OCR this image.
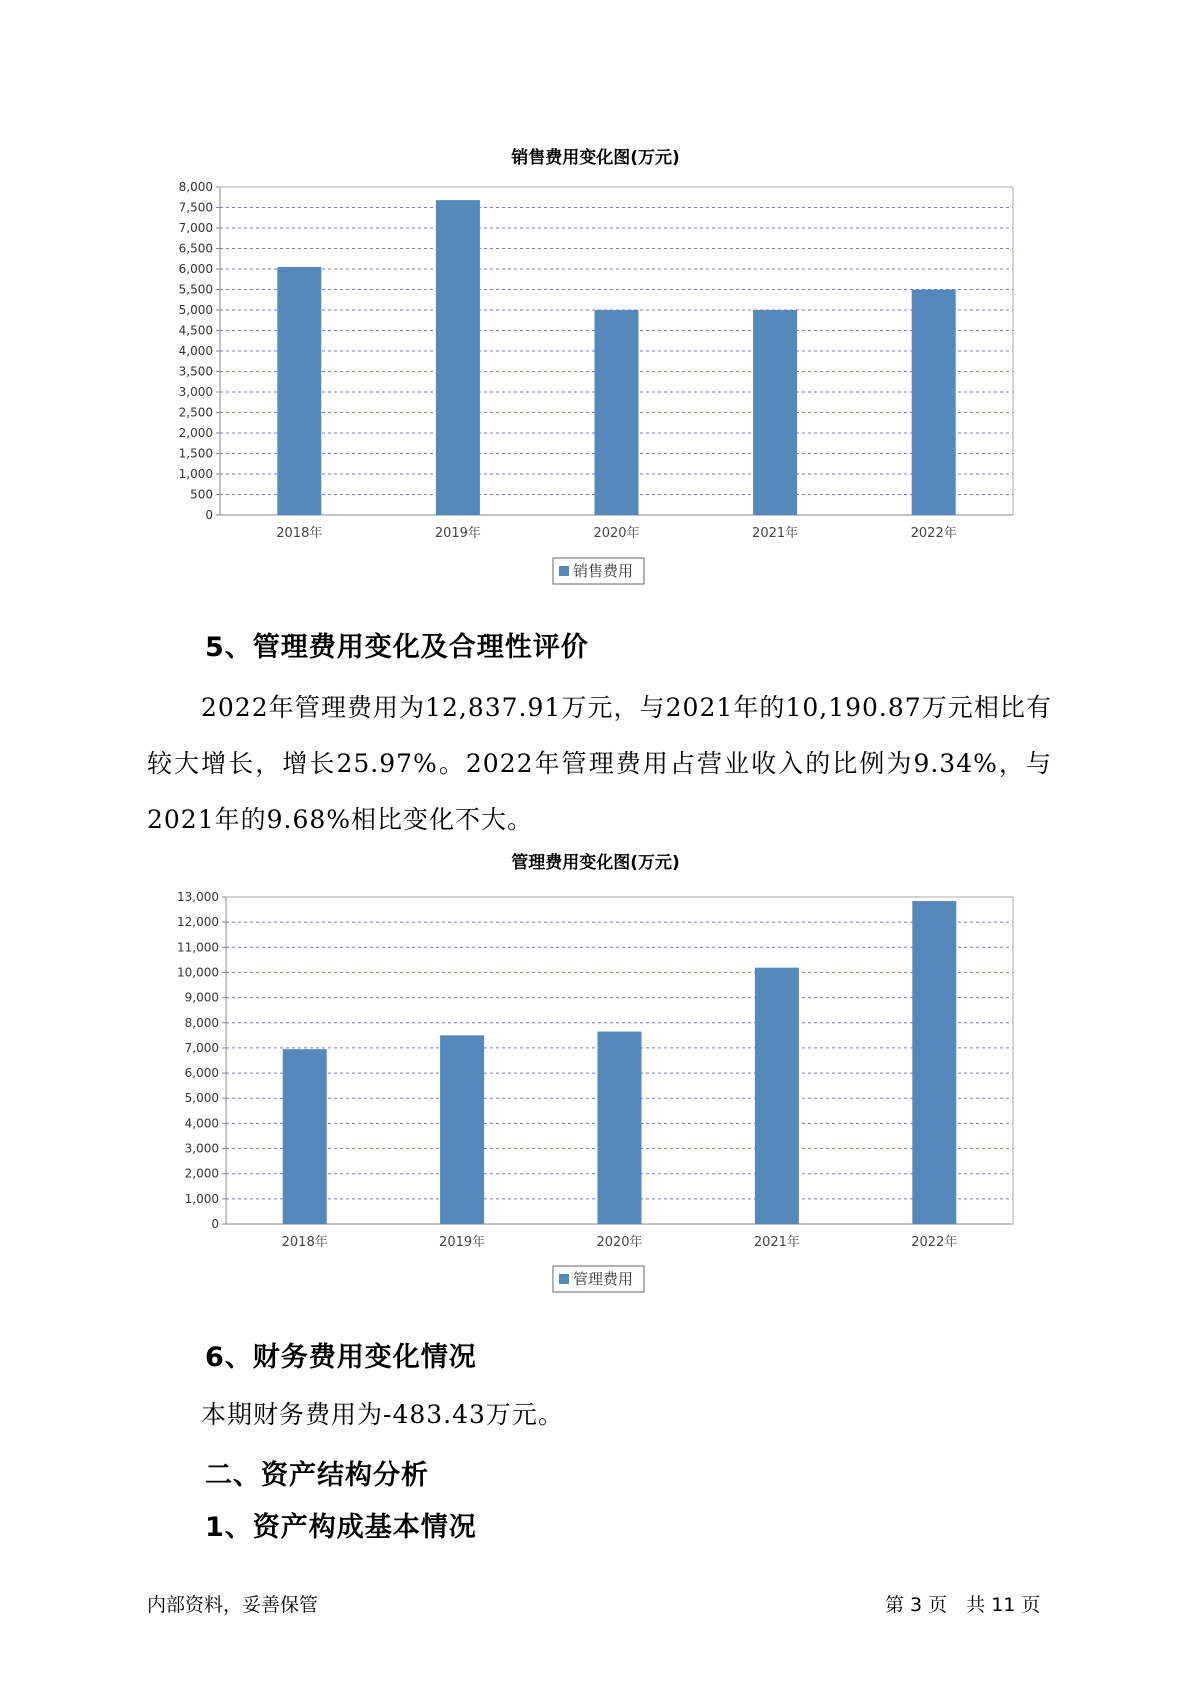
销售费用变化图(万元)
0
500
1,000
1,500
2,000
2,500
3,000
3,500
4,000
4,500
5,000
5,500
6,000
6,500
7,000
7,500
8,000
2018年	2019年	2020年	2021年	2022年
销售费用
5、管理费用变化及合理性评价
2022年管理费用为12,837.91万元，与2021年的10,190.87万元相比有较大增长，增长25.97%。2022年管理费用占营业收入的比例为9.34%，与2021年的9.68%相比变化不大。
管理费用变化图(万元)
0
1,000
2,000
3,000
4,000
5,000
6,000
7,000
8,000
9,000
10,000
11,000
12,000
13,000
2018年	2019年	2020年	2021年	2022年
管理费用
6、财务费用变化情况
本期财务费用为-483.43万元。
二、资产结构分析
1、资产构成基本情况
内部资料，妥善保管	第 3 页　共 11 页
